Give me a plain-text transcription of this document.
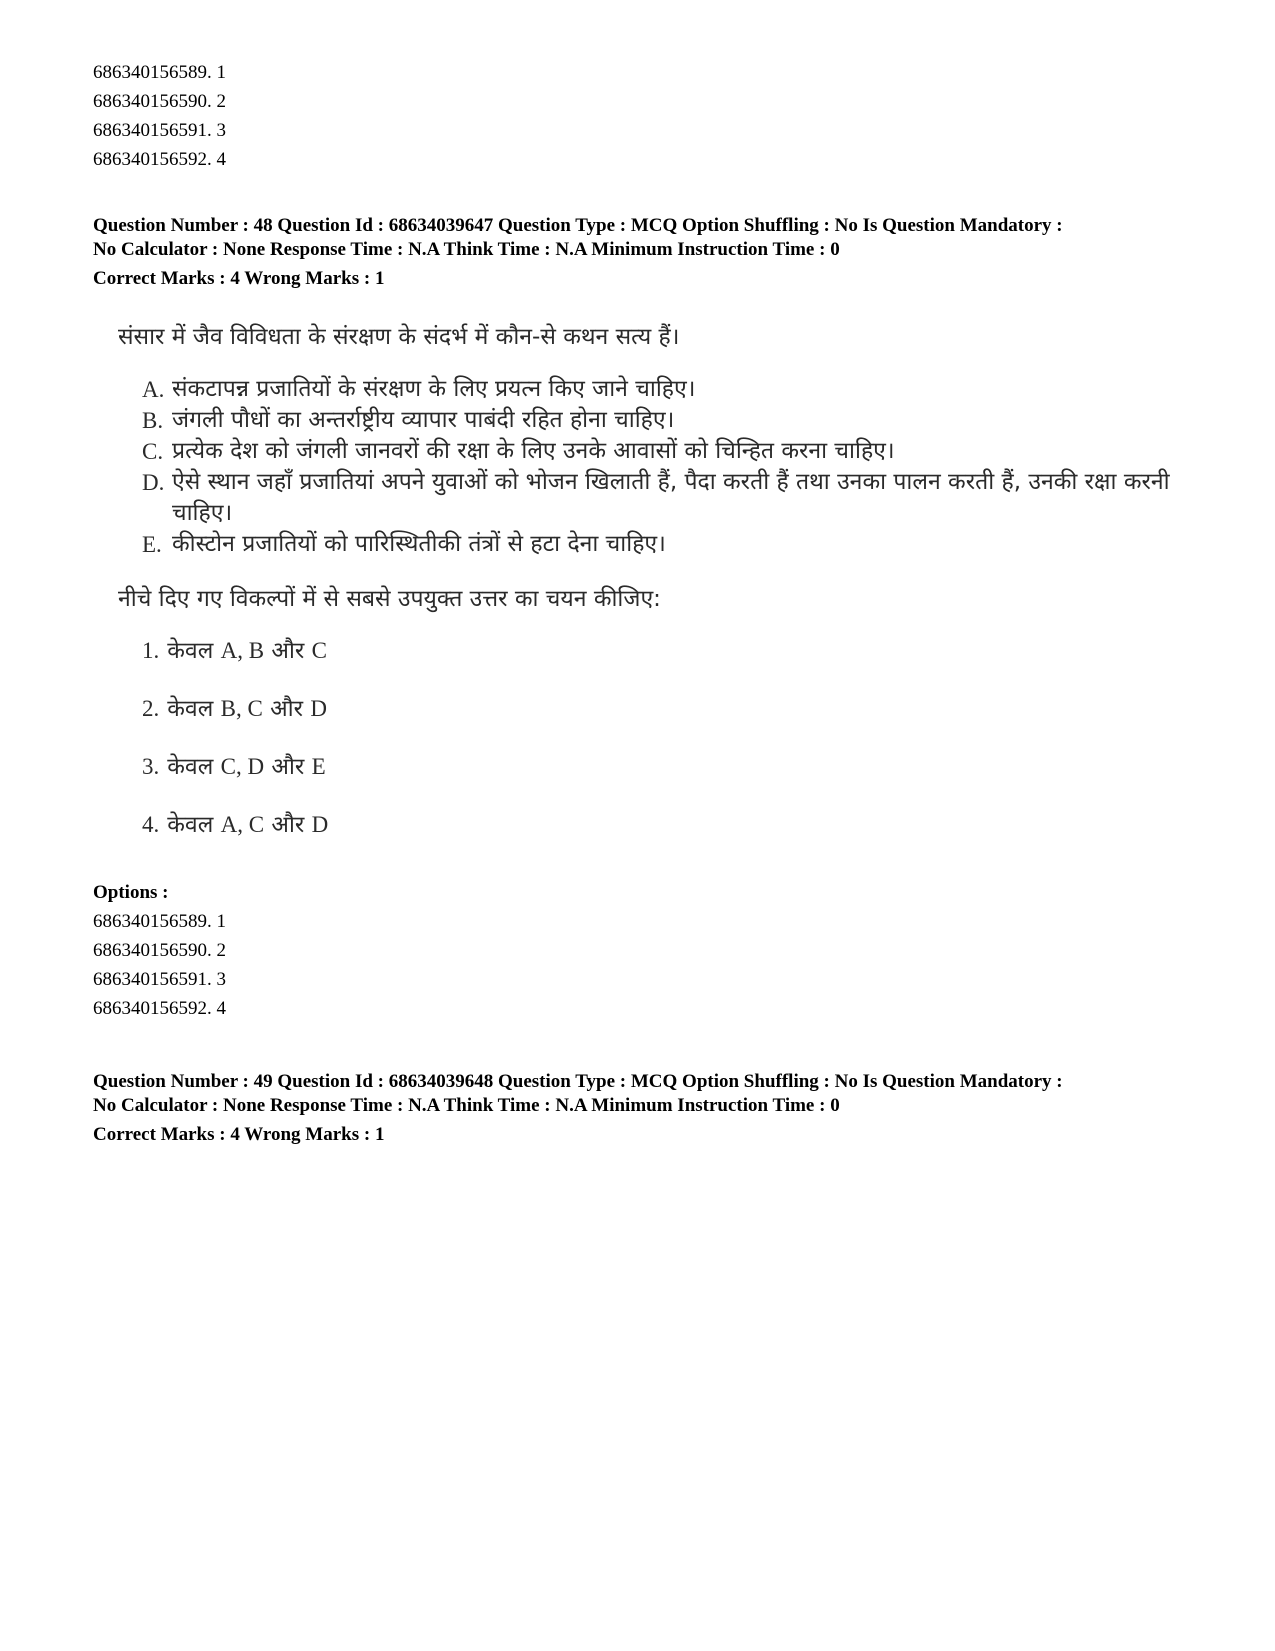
686340156589. 1
686340156590. 2
686340156591. 3
686340156592. 4
Question Number : 48 Question Id : 68634039647 Question Type : MCQ Option Shuffling : No Is Question Mandatory :
No Calculator : None Response Time : N.A Think Time : N.A Minimum Instruction Time : 0
Correct Marks : 4 Wrong Marks : 1

संसार में जैव विविधता के संरक्षण के संदर्भ में कौन-से कथन सत्य हैं।

A. संकटापन्न प्रजातियों के संरक्षण के लिए प्रयत्न किए जाने चाहिए।
B. जंगली पौधों का अन्तर्राष्ट्रीय व्यापार पाबंदी रहित होना चाहिए।
C. प्रत्येक देश को जंगली जानवरों की रक्षा के लिए उनके आवासों को चिन्हित करना चाहिए।
D. ऐसे स्थान जहाँ प्रजातियां अपने युवाओं को भोजन खिलाती हैं, पैदा करती हैं तथा उनका पालन करती हैं, उनकी रक्षा करनी चाहिए।
E. कीस्टोन प्रजातियों को पारिस्थितीकी तंत्रों से हटा देना चाहिए।

नीचे दिए गए विकल्पों में से सबसे उपयुक्त उत्तर का चयन कीजिए:

1. केवल A, B और C
2. केवल B, C और D
3. केवल C, D और E
4. केवल A, C और D
Options :
686340156589. 1
686340156590. 2
686340156591. 3
686340156592. 4
Question Number : 49 Question Id : 68634039648 Question Type : MCQ Option Shuffling : No Is Question Mandatory :
No Calculator : None Response Time : N.A Think Time : N.A Minimum Instruction Time : 0
Correct Marks : 4 Wrong Marks : 1
